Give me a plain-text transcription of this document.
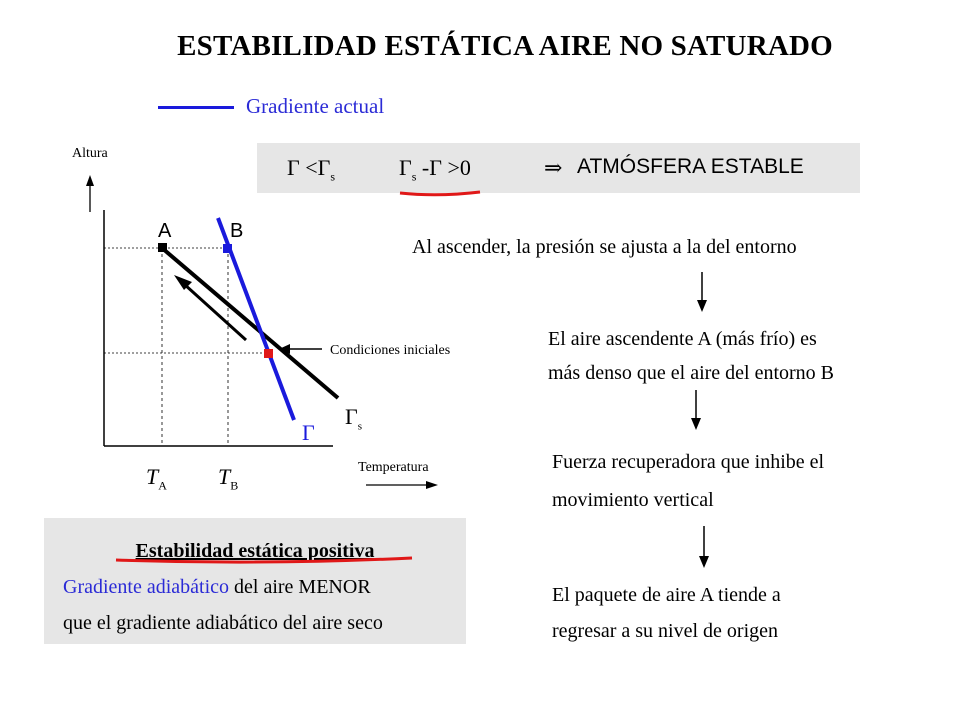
ESTABILIDAD ESTÁTICA AIRE NO SATURADO
Gradiente actual
$\Gamma <\Gamma_s$	$\Gamma_s$ -Γ >0	⇒ ATMÓSFERA ESTABLE
Altura
Temperatura
Condiciones iniciales
A	B
$\Gamma_s$
Γ
$T_A$ $T_B$
Al ascender, la presión se ajusta a la del entorno
El aire ascendente A (más frío) es
más denso que el aire del entorno B
Fuerza recuperadora que inhibe el
movimiento vertical
El paquete de aire A tiende a
regresar a su nivel de origen
Estabilidad estática positiva
Gradiente adiabático del aire MENOR
que el gradiente adiabático del aire seco
